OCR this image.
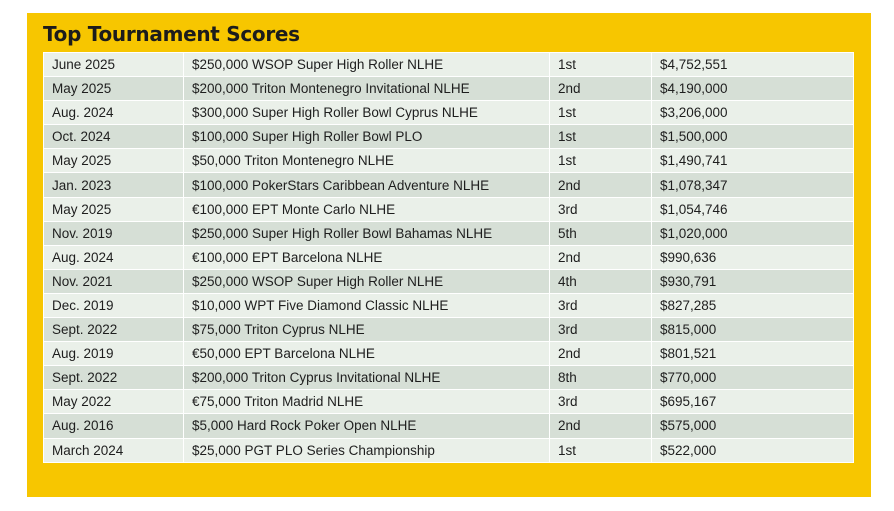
Top Tournament Scores
June 2025	$250,000 WSOP Super High Roller NLHE	1st	$4,752,551
May 2025	$200,000 Triton Montenegro Invitational NLHE	2nd	$4,190,000
Aug. 2024	$300,000 Super High Roller Bowl Cyprus NLHE	1st	$3,206,000
Oct. 2024	$100,000 Super High Roller Bowl PLO	1st	$1,500,000
May 2025	$50,000 Triton Montenegro NLHE	1st	$1,490,741
Jan. 2023	$100,000 PokerStars Caribbean Adventure NLHE	2nd	$1,078,347
May 2025	€100,000 EPT Monte Carlo NLHE	3rd	$1,054,746
Nov. 2019	$250,000 Super High Roller Bowl Bahamas NLHE	5th	$1,020,000
Aug. 2024	€100,000 EPT Barcelona NLHE	2nd	$990,636
Nov. 2021	$250,000 WSOP Super High Roller NLHE	4th	$930,791
Dec. 2019	$10,000 WPT Five Diamond Classic NLHE	3rd	$827,285
Sept. 2022	$75,000 Triton Cyprus NLHE	3rd	$815,000
Aug. 2019	€50,000 EPT Barcelona NLHE	2nd	$801,521
Sept. 2022	$200,000 Triton Cyprus Invitational NLHE	8th	$770,000
May 2022	€75,000 Triton Madrid NLHE	3rd	$695,167
Aug. 2016	$5,000 Hard Rock Poker Open NLHE	2nd	$575,000
March 2024	$25,000 PGT PLO Series Championship	1st	$522,000
